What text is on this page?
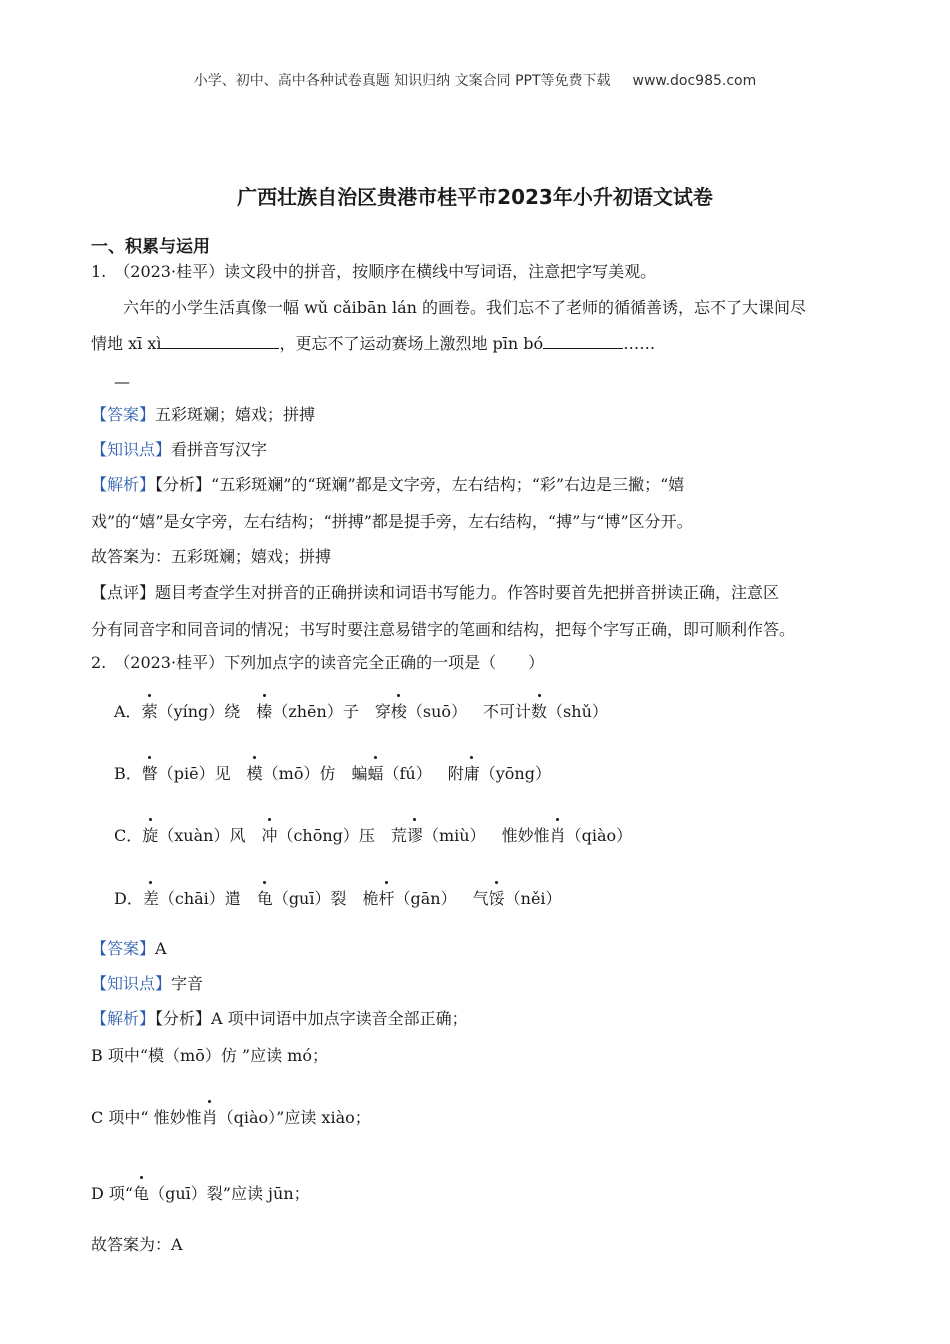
小学、初中、高中各种试卷真题 知识归纳 文案合同 PPT等免费下载 www.doc985.com
广西壮族自治区贵港市桂平市2023年小升初语文试卷
一、积累与运用
1.　（2023·桂平）读文段中的拼音，按顺序在横线中写词语，注意把字写美观。
六年的小学生活真像一幅 wǔ cǎibān lán 的画卷。我们忘不了老师的循循善诱，忘不了大课间尽
情地 xī xì	，更忘不了运动赛场上激烈地 pīn bó	……
—
【答案】五彩斑斓；嬉戏；拼搏
【知识点】看拼音写汉字
【解析】【分析】“五彩斑斓”的“斑斓”都是文字旁，左右结构；“彩”右边是三撇；“嬉
戏”的“嬉”是女字旁，左右结构；“拼搏”都是提手旁，左右结构，“搏”与“博”区分开。
故答案为：五彩斑斓；嬉戏；拼搏
【点评】题目考查学生对拼音的正确拼读和词语书写能力。作答时要首先把拼音拼读正确，注意区
分有同音字和同音词的情况；书写时要注意易错字的笔画和结构，把每个字写正确，即可顺利作答。
2.　（2023·桂平）下列加点字的读音完全正确的一项是（　　）
A．萦（yíng）绕 榛（zhēn）子 穿梭（suō） 不可计数（shǔ）
B．瞥（piē）见 模（mō）仿 蝙蝠（fú） 附庸（yōng）
C．旋（xuàn）风 冲（chōng）压 荒谬（miù） 惟妙惟肖（qiào）
D．差（chāi）遣 龟（guī）裂 桅杆（gān） 气馁（něi）
【答案】A
【知识点】字音
【解析】【分析】A 项中词语中加点字读音全部正确；
B 项中“模（mō）仿 ”应读 mó；
C 项中“ 惟妙惟肖（qiào）”应读 xiào；
D 项“龟（guī）裂”应读 jūn；
故答案为：A
